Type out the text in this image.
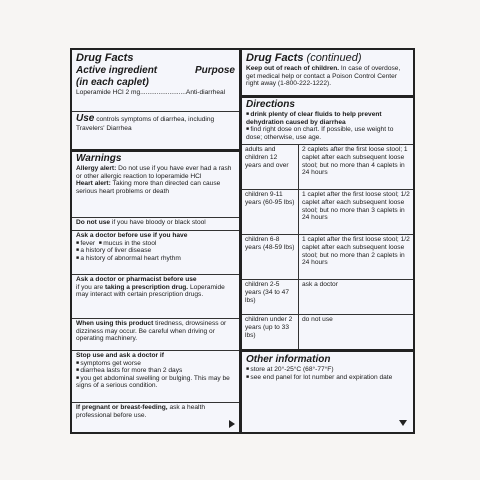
Drug Facts
Active ingredient
(in each caplet)
Purpose
Loperamide HCl 2 mg.........................Anti-diarrheal
Use controls symptoms of diarrhea, including Travelers' Diarrhea
Warnings
Allergy alert: Do not use if you have ever had a rash or other allergic reaction to loperamide HCl
Heart alert: Taking more than directed can cause serious heart problems or death
Do not use if you have bloody or black stool
Ask a doctor before use if you have
■ fever ■ mucus in the stool
■ a history of liver disease
■ a history of abnormal heart rhythm
Ask a doctor or pharmacist before use
if you are taking a prescription drug. Loperamide may interact with certain prescription drugs.
When using this product tiredness, drowsiness or dizziness may occur. Be careful when driving or operating machinery.
Stop use and ask a doctor if
■ symptoms get worse
■ diarrhea lasts for more than 2 days
■ you get abdominal swelling or bulging. This may be signs of a serious condition.
If pregnant or breast-feeding, ask a health professional before use.
Drug Facts (continued)
Keep out of reach of children. In case of overdose, get medical help or contact a Poison Control Center right away (1-800-222-1222).
Directions
■ drink plenty of clear fluids to help prevent dehydration caused by diarrhea
■ find right dose on chart. If possible, use weight to dose; otherwise, use age.
adults and children 12 years and over	2 caplets after the first loose stool; 1 caplet after each subsequent loose stool; but no more than 4 caplets in 24 hours
children 9-11 years (60-95 lbs)	1 caplet after the first loose stool; 1/2 caplet after each subsequent loose stool; but no more than 3 caplets in 24 hours
children 6-8 years (48-59 lbs)	1 caplet after the first loose stool; 1/2 caplet after each subsequent loose stool; but no more than 2 caplets in 24 hours
children 2-5 years (34 to 47 lbs)	ask a doctor
children under 2 years (up to 33 lbs)	do not use
Other information
■ store at 20°-25°C (68°-77°F)
■ see end panel for lot number and expiration date
